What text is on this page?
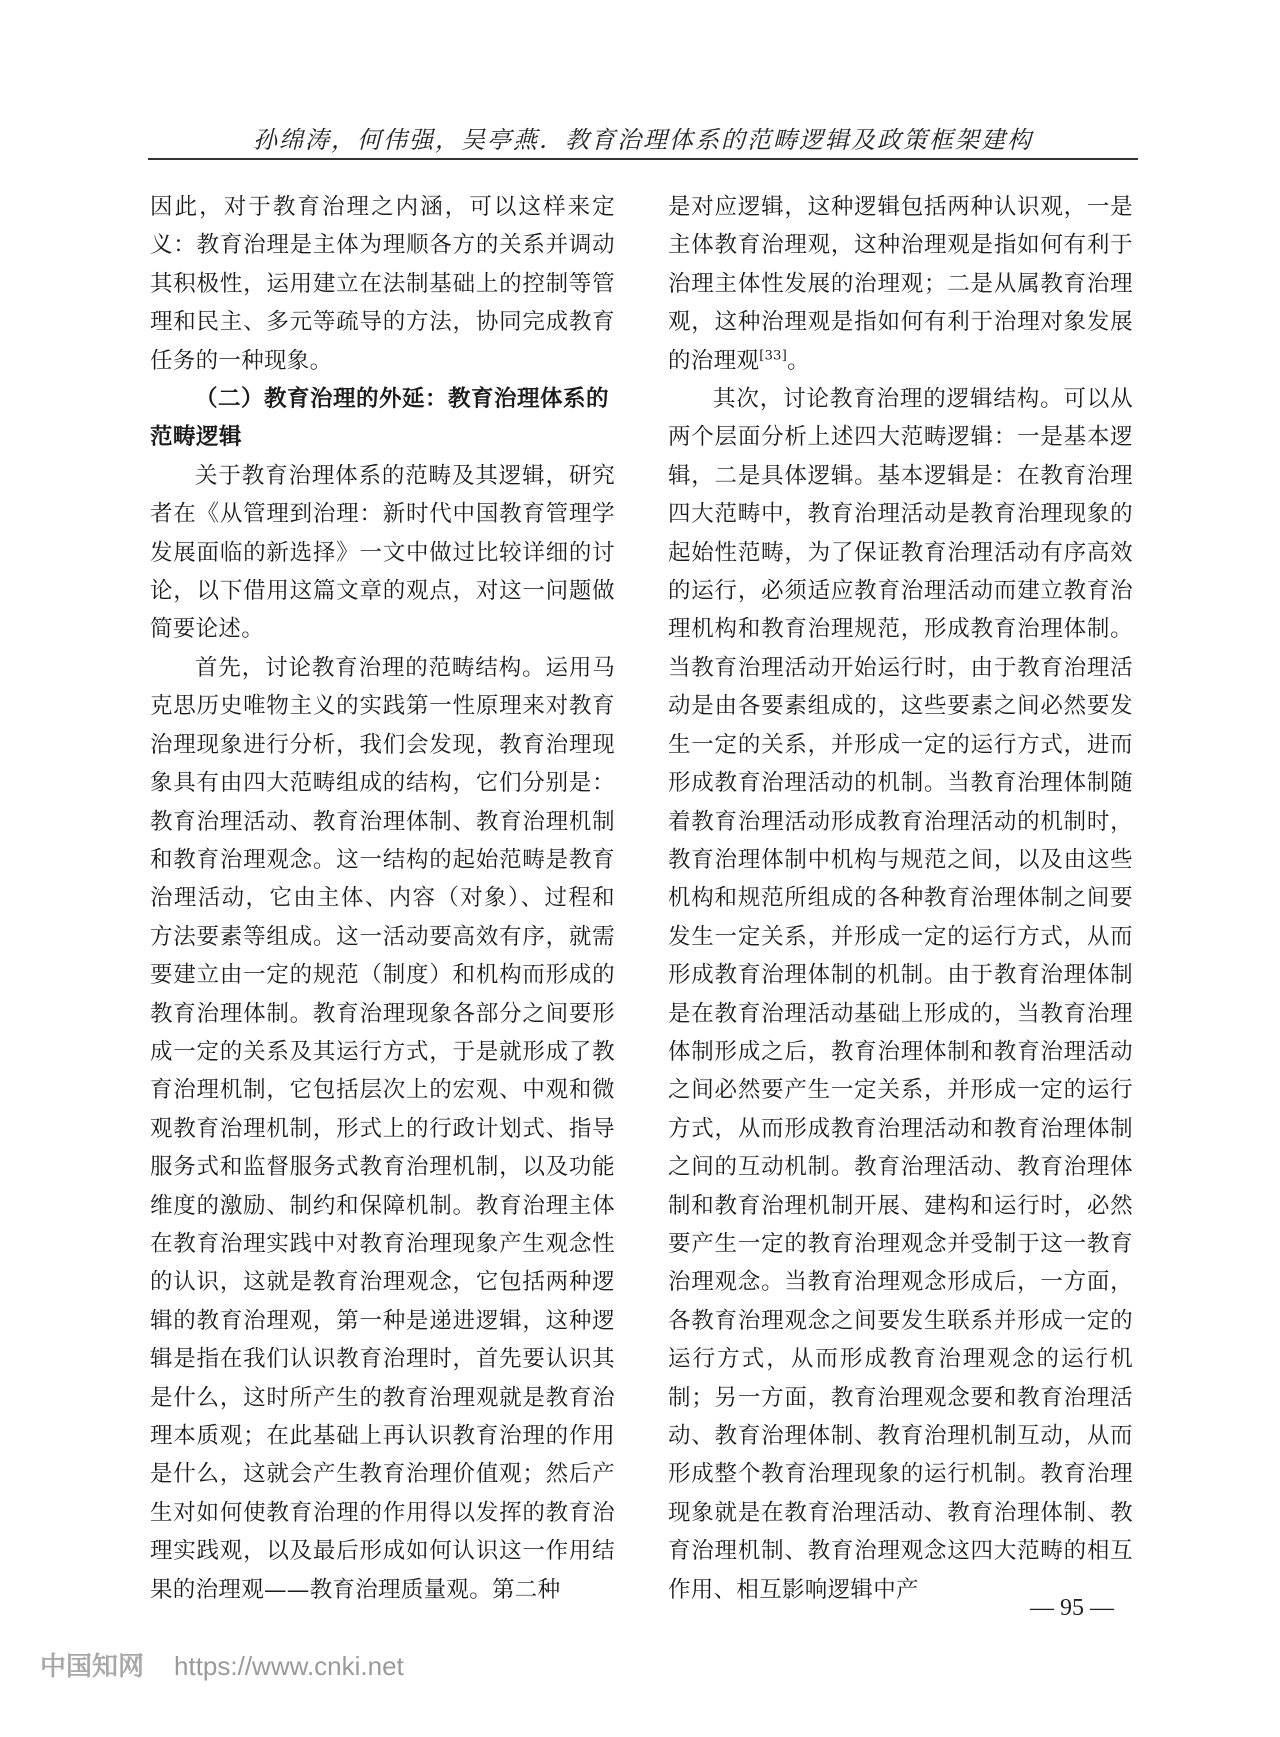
孙绵涛，何伟强，吴亭燕．教育治理体系的范畴逻辑及政策框架建构

因此，对于教育治理之内涵，可以这样来定义：教育治理是主体为理顺各方的关系并调动其积极性，运用建立在法制基础上的控制等管理和民主、多元等疏导的方法，协同完成教育任务的一种现象。

（二）教育治理的外延：教育治理体系的范畴逻辑

关于教育治理体系的范畴及其逻辑，研究者在《从管理到治理：新时代中国教育管理学发展面临的新选择》一文中做过比较详细的讨论，以下借用这篇文章的观点，对这一问题做简要论述。

首先，讨论教育治理的范畴结构。运用马克思历史唯物主义的实践第一性原理来对教育治理现象进行分析，我们会发现，教育治理现象具有由四大范畴组成的结构，它们分别是：教育治理活动、教育治理体制、教育治理机制和教育治理观念。这一结构的起始范畴是教育治理活动，它由主体、内容（对象）、过程和方法要素等组成。这一活动要高效有序，就需要建立由一定的规范（制度）和机构而形成的教育治理体制。教育治理现象各部分之间要形成一定的关系及其运行方式，于是就形成了教育治理机制，它包括层次上的宏观、中观和微观教育治理机制，形式上的行政计划式、指导服务式和监督服务式教育治理机制，以及功能维度的激励、制约和保障机制。教育治理主体在教育治理实践中对教育治理现象产生观念性的认识，这就是教育治理观念，它包括两种逻辑的教育治理观，第一种是递进逻辑，这种逻辑是指在我们认识教育治理时，首先要认识其是什么，这时所产生的教育治理观就是教育治理本质观；在此基础上再认识教育治理的作用是什么，这就会产生教育治理价值观；然后产生对如何使教育治理的作用得以发挥的教育治理实践观，以及最后形成如何认识这一作用结果的治理观——教育治理质量观。第二种

是对应逻辑，这种逻辑包括两种认识观，一是主体教育治理观，这种治理观是指如何有利于治理主体性发展的治理观；二是从属教育治理观，这种治理观是指如何有利于治理对象发展的治理观[33]。

其次，讨论教育治理的逻辑结构。可以从两个层面分析上述四大范畴逻辑：一是基本逻辑，二是具体逻辑。基本逻辑是：在教育治理四大范畴中，教育治理活动是教育治理现象的起始性范畴，为了保证教育治理活动有序高效的运行，必须适应教育治理活动而建立教育治理机构和教育治理规范，形成教育治理体制。当教育治理活动开始运行时，由于教育治理活动是由各要素组成的，这些要素之间必然要发生一定的关系，并形成一定的运行方式，进而形成教育治理活动的机制。当教育治理体制随着教育治理活动形成教育治理活动的机制时，教育治理体制中机构与规范之间，以及由这些机构和规范所组成的各种教育治理体制之间要发生一定关系，并形成一定的运行方式，从而形成教育治理体制的机制。由于教育治理体制是在教育治理活动基础上形成的，当教育治理体制形成之后，教育治理体制和教育治理活动之间必然要产生一定关系，并形成一定的运行方式，从而形成教育治理活动和教育治理体制之间的互动机制。教育治理活动、教育治理体制和教育治理机制开展、建构和运行时，必然要产生一定的教育治理观念并受制于这一教育治理观念。当教育治理观念形成后，一方面，各教育治理观念之间要发生联系并形成一定的运行方式，从而形成教育治理观念的运行机制；另一方面，教育治理观念要和教育治理活动、教育治理体制、教育治理机制互动，从而形成整个教育治理现象的运行机制。教育治理现象就是在教育治理活动、教育治理体制、教育治理机制、教育治理观念这四大范畴的相互作用、相互影响逻辑中产

— 95 —
中国知网 https://www.cnki.net
